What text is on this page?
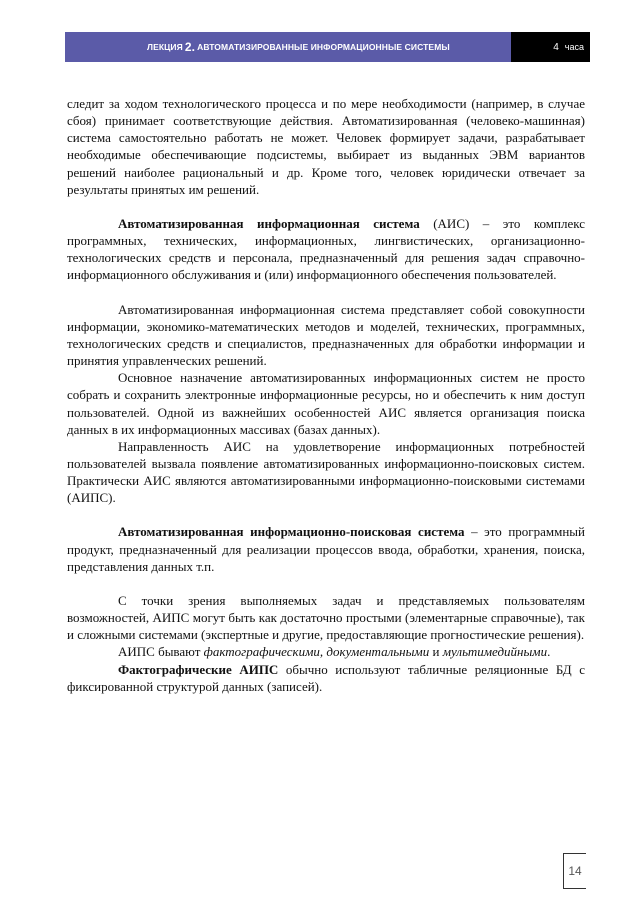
ЛЕКЦИЯ 2. АВТОМАТИЗИРОВАННЫЕ ИНФОРМАЦИОННЫЕ СИСТЕМЫ	4 часа

следит за ходом технологического процесса и по мере необходимости (например, в случае сбоя) принимает соответствующие действия. Автоматизированная (человеко-машинная) система самостоятельно работать не может. Человек формирует задачи, разрабатывает необходимые обеспечивающие подсистемы, выбирает из выданных ЭВМ вариантов решений наиболее рациональный и др. Кроме того, человек юридически отвечает за результаты принятых им решений.

Автоматизированная информационная система (АИС) – это комплекс программных, технических, информационных, лингвистических, организационно-технологических средств и персонала, предназначенный для решения задач справочно-информационного обслуживания и (или) информационного обеспечения пользователей.

Автоматизированная информационная система представляет собой совокупности информации, экономико-математических методов и моделей, технических, программных, технологических средств и специалистов, предназначенных для обработки информации и принятия управленческих решений.

Основное назначение автоматизированных информационных систем не просто собрать и сохранить электронные информационные ресурсы, но и обеспечить к ним доступ пользователей. Одной из важнейших особенностей АИС является организация поиска данных в их информационных массивах (базах данных).

Направленность АИС на удовлетворение информационных потребностей пользователей вызвала появление автоматизированных информационно-поисковых систем. Практически АИС являются автоматизированными информационно-поисковыми системами (АИПС).

Автоматизированная информационно-поисковая система – это программный продукт, предназначенный для реализации процессов ввода, обработки, хранения, поиска, представления данных т.п.

С точки зрения выполняемых задач и представляемых пользователям возможностей, АИПС могут быть как достаточно простыми (элементарные справочные), так и сложными системами (экспертные и другие, предоставляющие прогностические решения).

АИПС бывают фактографическими, документальными и мультимедийными.

Фактографические АИПС обычно используют табличные реляционные БД с фиксированной структурой данных (записей).

14
